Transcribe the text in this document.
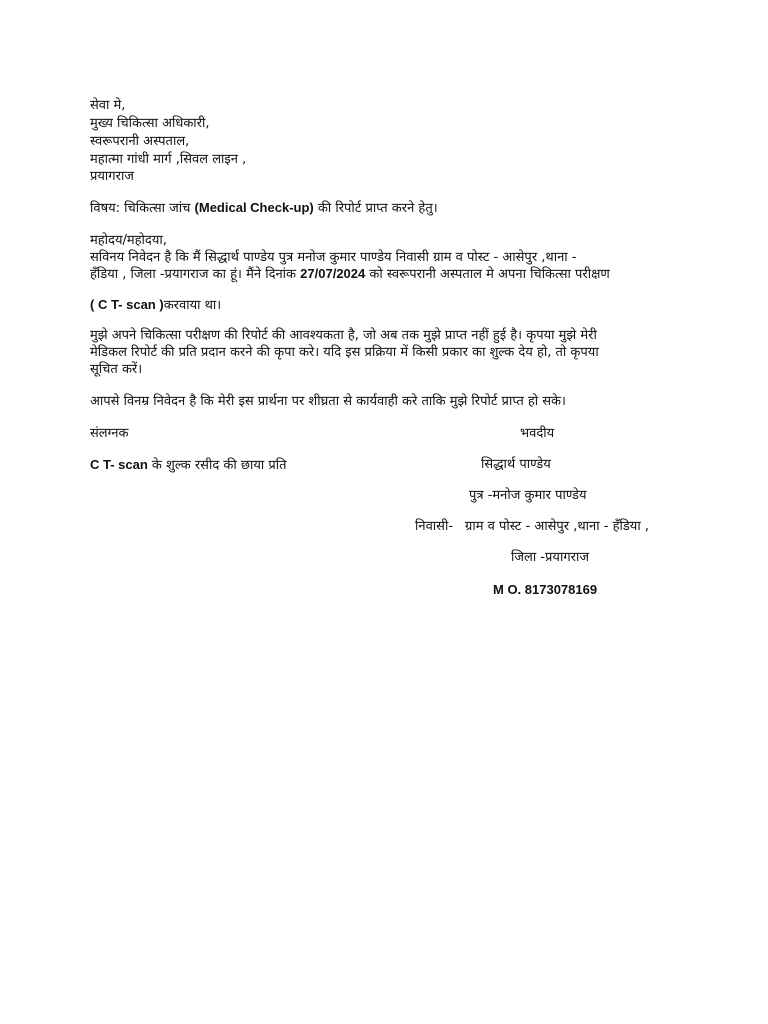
सेवा मे,
मुख्य चिकित्सा अधिकारी,
स्वरूपरानी अस्पताल,
महात्मा गांधी मार्ग ,सिवल लाइन ,
प्रयागराज
विषय: चिकित्सा जांच (Medical Check-up) की रिपोर्ट प्राप्त करने हेतु।
महोदय/महोदया,
सविनय निवेदन है कि मैं सिद्धार्थ पाण्डेय पुत्र मनोज कुमार पाण्डेय निवासी ग्राम व पोस्ट - आसेपुर ,थाना -
हँडिया , जिला -प्रयागराज का हूं। मैंने दिनांक 27/07/2024 को स्वरूपरानी अस्पताल मे अपना चिकित्सा परीक्षण
( C T- scan )करवाया था।
मुझे अपने चिकित्सा परीक्षण की रिपोर्ट की आवश्यकता है, जो अब तक मुझे प्राप्त नहीं हुई है। कृपया मुझे मेरी
मेडिकल रिपोर्ट की प्रति प्रदान करने की कृपा करे। यदि इस प्रक्रिया में किसी प्रकार का शुल्क देय हो, तो कृपया
सूचित करें।
आपसे विनम्र निवेदन है कि मेरी इस प्रार्थना पर शीघ्रता से कार्यवाही करे ताकि मुझे रिपोर्ट प्राप्त हो सके।
संलग्नक
C T- scan के शुल्क रसीद की छाया प्रति
भवदीय
सिद्धार्थ पाण्डेय
पुत्र -मनोज कुमार पाण्डेय
निवासी- ग्राम व पोस्ट - आसेपुर ,थाना - हँडिया ,
जिला -प्रयागराज
M O. 8173078169
